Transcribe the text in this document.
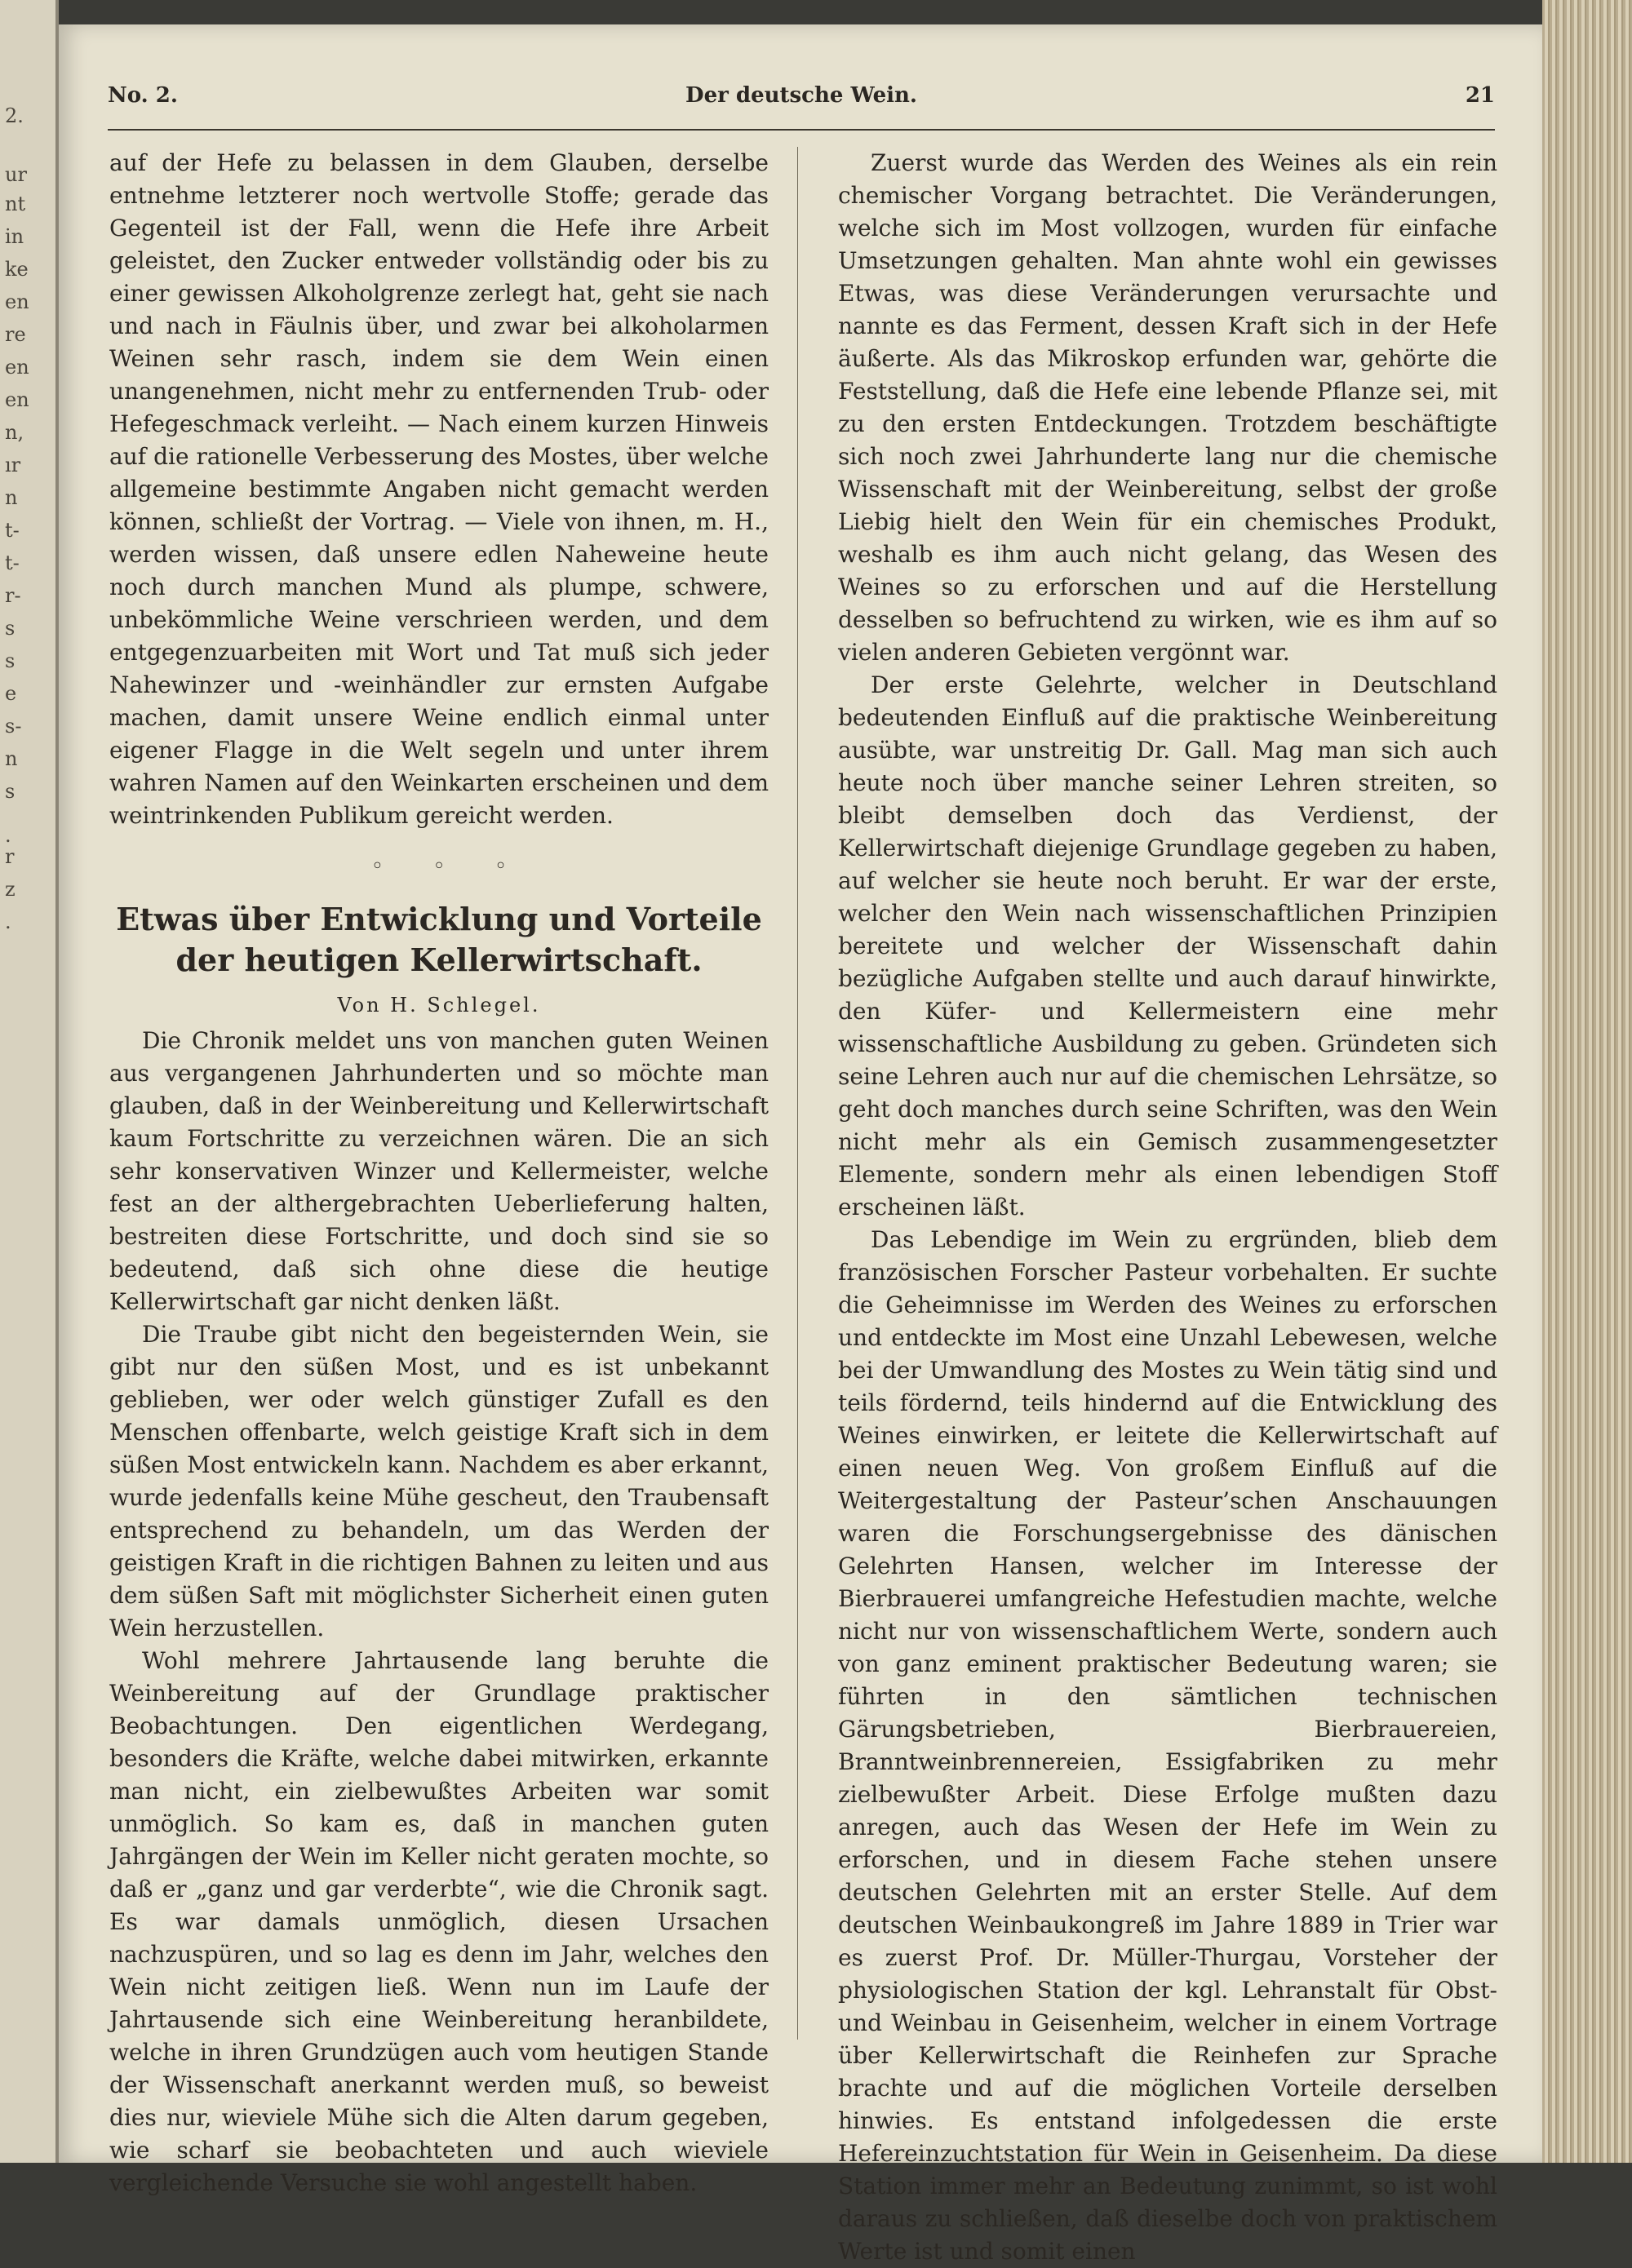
2.
ur
nt
in
ke
en
re
en
en
n,
ır
n
t-
t-
r-
s
s
e
s-
n
s
.
r
z
.
No. 2.	Der deutsche Wein.	21

auf der Hefe zu belassen in dem Glauben, derselbe entnehme letzterer noch wertvolle Stoffe; gerade das Gegenteil ist der Fall, wenn die Hefe ihre Arbeit geleistet, den Zucker entweder vollständig oder bis zu einer gewissen Alkoholgrenze zerlegt hat, geht sie nach und nach in Fäulnis über, und zwar bei alkoholarmen Weinen sehr rasch, indem sie dem Wein einen unangenehmen, nicht mehr zu entfernenden Trub- oder Hefegeschmack verleiht. — Nach einem kurzen Hinweis auf die rationelle Verbesserung des Mostes, über welche allgemeine bestimmte Angaben nicht gemacht werden können, schließt der Vortrag. — Viele von ihnen, m. H., werden wissen, daß unsere edlen Naheweine heute noch durch manchen Mund als plumpe, schwere, unbekömmliche Weine verschrieen werden, und dem entgegenzuarbeiten mit Wort und Tat muß sich jeder Nahewinzer und -weinhändler zur ernsten Aufgabe machen, damit unsere Weine endlich einmal unter eigener Flagge in die Welt segeln und unter ihrem wahren Namen auf den Weinkarten erscheinen und dem weintrinkenden Publikum gereicht werden.

◦ ◦ ◦
Etwas über Entwicklung und Vorteile der heutigen Kellerwirtschaft.
Von H. Schlegel.

Die Chronik meldet uns von manchen guten Weinen aus vergangenen Jahrhunderten und so möchte man glauben, daß in der Weinbereitung und Kellerwirtschaft kaum Fortschritte zu verzeichnen wären. Die an sich sehr konservativen Winzer und Kellermeister, welche fest an der althergebrachten Ueberlieferung halten, bestreiten diese Fortschritte, und doch sind sie so bedeutend, daß sich ohne diese die heutige Kellerwirtschaft gar nicht denken läßt.

Die Traube gibt nicht den begeisternden Wein, sie gibt nur den süßen Most, und es ist unbekannt geblieben, wer oder welch günstiger Zufall es den Menschen offenbarte, welch geistige Kraft sich in dem süßen Most entwickeln kann. Nachdem es aber erkannt, wurde jedenfalls keine Mühe gescheut, den Traubensaft entsprechend zu behandeln, um das Werden der geistigen Kraft in die richtigen Bahnen zu leiten und aus dem süßen Saft mit möglichster Sicherheit einen guten Wein herzustellen.

Wohl mehrere Jahrtausende lang beruhte die Weinbereitung auf der Grundlage praktischer Beobachtungen. Den eigentlichen Werdegang, besonders die Kräfte, welche dabei mitwirken, erkannte man nicht, ein zielbewußtes Arbeiten war somit unmöglich. So kam es, daß in manchen guten Jahrgängen der Wein im Keller nicht geraten mochte, so daß er „ganz und gar verderbte“, wie die Chronik sagt. Es war damals unmöglich, diesen Ursachen nachzuspüren, und so lag es denn im Jahr, welches den Wein nicht zeitigen ließ. Wenn nun im Laufe der Jahrtausende sich eine Weinbereitung heranbildete, welche in ihren Grundzügen auch vom heutigen Stande der Wissenschaft anerkannt werden muß, so beweist dies nur, wieviele Mühe sich die Alten darum gegeben, wie scharf sie beobachteten und auch wieviele vergleichende Versuche sie wohl angestellt haben.

Zuerst wurde das Werden des Weines als ein rein chemischer Vorgang betrachtet. Die Veränderungen, welche sich im Most vollzogen, wurden für einfache Umsetzungen gehalten. Man ahnte wohl ein gewisses Etwas, was diese Veränderungen verursachte und nannte es das Ferment, dessen Kraft sich in der Hefe äußerte. Als das Mikroskop erfunden war, gehörte die Feststellung, daß die Hefe eine lebende Pflanze sei, mit zu den ersten Entdeckungen. Trotzdem beschäftigte sich noch zwei Jahrhunderte lang nur die chemische Wissenschaft mit der Weinbereitung, selbst der große Liebig hielt den Wein für ein chemisches Produkt, weshalb es ihm auch nicht gelang, das Wesen des Weines so zu erforschen und auf die Herstellung desselben so befruchtend zu wirken, wie es ihm auf so vielen anderen Gebieten vergönnt war.

Der erste Gelehrte, welcher in Deutschland bedeutenden Einfluß auf die praktische Weinbereitung ausübte, war unstreitig Dr. Gall. Mag man sich auch heute noch über manche seiner Lehren streiten, so bleibt demselben doch das Verdienst, der Kellerwirtschaft diejenige Grundlage gegeben zu haben, auf welcher sie heute noch beruht. Er war der erste, welcher den Wein nach wissenschaftlichen Prinzipien bereitete und welcher der Wissenschaft dahin bezügliche Aufgaben stellte und auch darauf hinwirkte, den Küfer- und Kellermeistern eine mehr wissenschaftliche Ausbildung zu geben. Gründeten sich seine Lehren auch nur auf die chemischen Lehrsätze, so geht doch manches durch seine Schriften, was den Wein nicht mehr als ein Gemisch zusammengesetzter Elemente, sondern mehr als einen lebendigen Stoff erscheinen läßt.

Das Lebendige im Wein zu ergründen, blieb dem französischen Forscher Pasteur vorbehalten. Er suchte die Geheimnisse im Werden des Weines zu erforschen und entdeckte im Most eine Unzahl Lebewesen, welche bei der Umwandlung des Mostes zu Wein tätig sind und teils fördernd, teils hindernd auf die Entwicklung des Weines einwirken, er leitete die Kellerwirtschaft auf einen neuen Weg. Von großem Einfluß auf die Weitergestaltung der Pasteur’schen Anschauungen waren die Forschungsergebnisse des dänischen Gelehrten Hansen, welcher im Interesse der Bierbrauerei umfangreiche Hefestudien machte, welche nicht nur von wissenschaftlichem Werte, sondern auch von ganz eminent praktischer Bedeutung waren; sie führten in den sämtlichen technischen Gärungsbetrieben, Bierbrauereien, Branntweinbrennereien, Essigfabriken zu mehr zielbewußter Arbeit. Diese Erfolge mußten dazu anregen, auch das Wesen der Hefe im Wein zu erforschen, und in diesem Fache stehen unsere deutschen Gelehrten mit an erster Stelle. Auf dem deutschen Weinbaukongreß im Jahre 1889 in Trier war es zuerst Prof. Dr. Müller-Thurgau, Vorsteher der physiologischen Station der kgl. Lehranstalt für Obst- und Weinbau in Geisenheim, welcher in einem Vortrage über Kellerwirtschaft die Reinhefen zur Sprache brachte und auf die möglichen Vorteile derselben hinwies. Es entstand infolgedessen die erste Hefereinzuchtstation für Wein in Geisenheim. Da diese Station immer mehr an Bedeutung zunimmt, so ist wohl daraus zu schließen, daß dieselbe doch von praktischem Werte ist und somit einen
